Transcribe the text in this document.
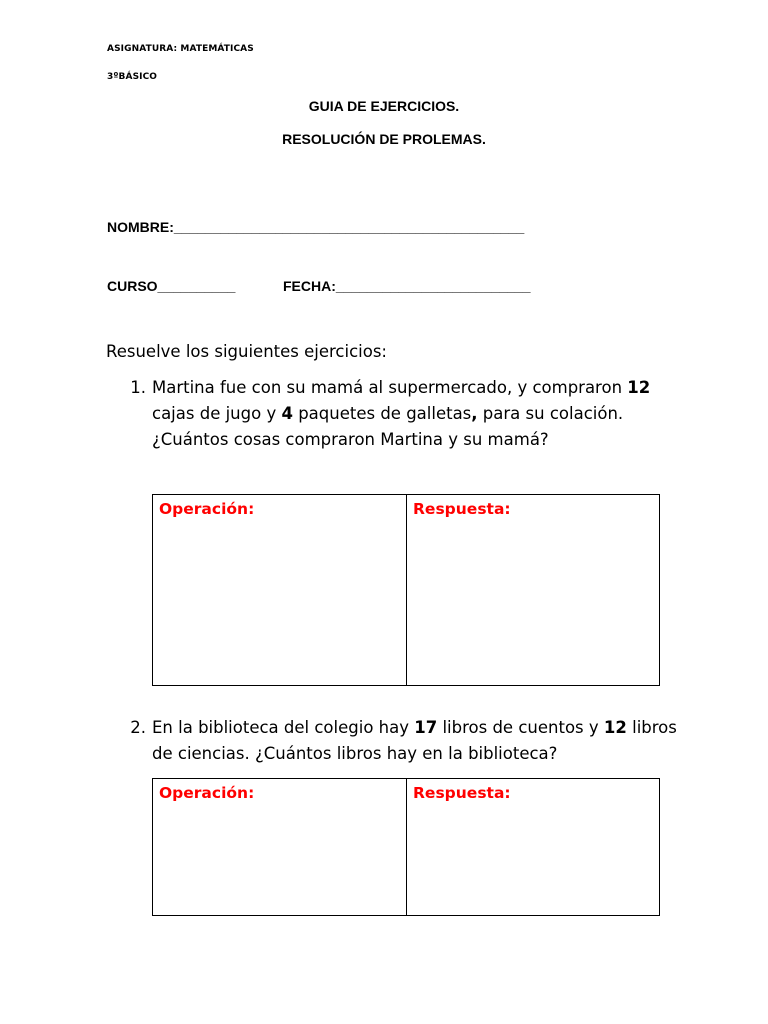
ASIGNATURA: MATEMÁTICAS
3ºBÁSICO
GUIA DE EJERCICIOS.
RESOLUCIÓN DE PROLEMAS.
NOMBRE:_____________________________________________
CURSO__________	FECHA:_________________________
Resuelve los siguientes ejercicios:
1. Martina fue con su mamá al supermercado, y compraron 12
cajas de jugo y 4 paquetes de galletas, para su colación.
¿Cuántos cosas compraron Martina y su mamá?
Operación:	Respuesta:
2. En la biblioteca del colegio hay 17 libros de cuentos y 12 libros
de ciencias. ¿Cuántos libros hay en la biblioteca?
Operación:	Respuesta:
